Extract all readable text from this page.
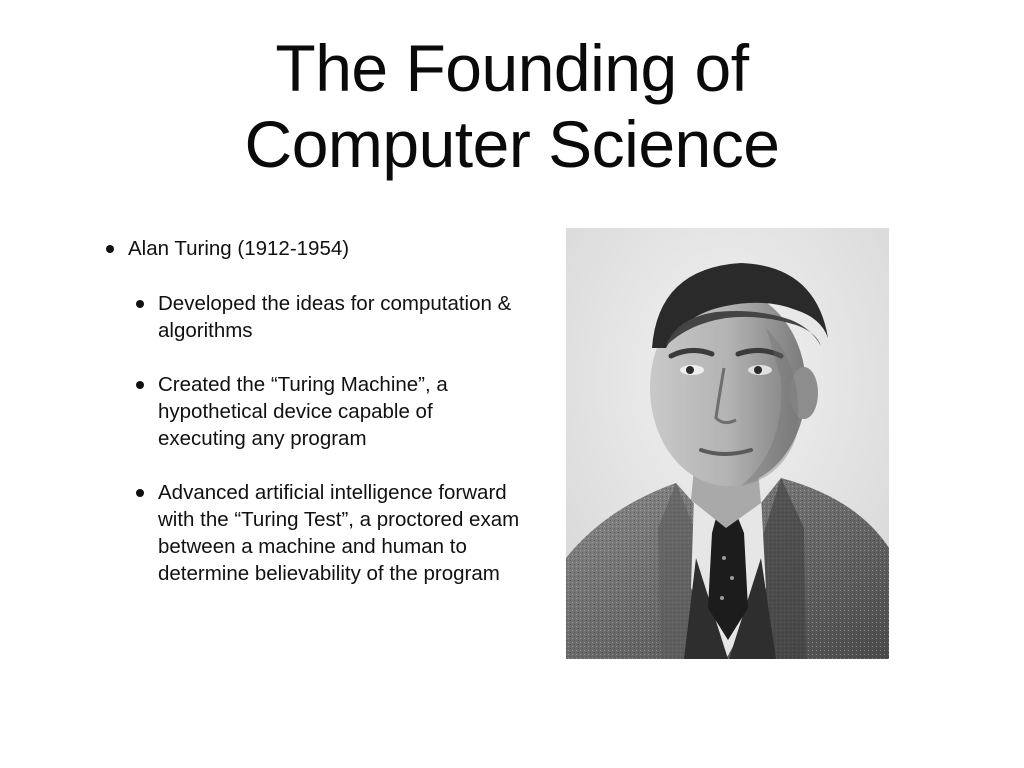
The Founding of
Computer Science
Alan Turing (1912-1954)
Developed the ideas for computation & algorithms
Created the “Turing Machine”, a hypothetical device capable of executing any program
Advanced artificial intelligence forward with the “Turing Test”, a proctored exam between a machine and human to determine believability of the program
